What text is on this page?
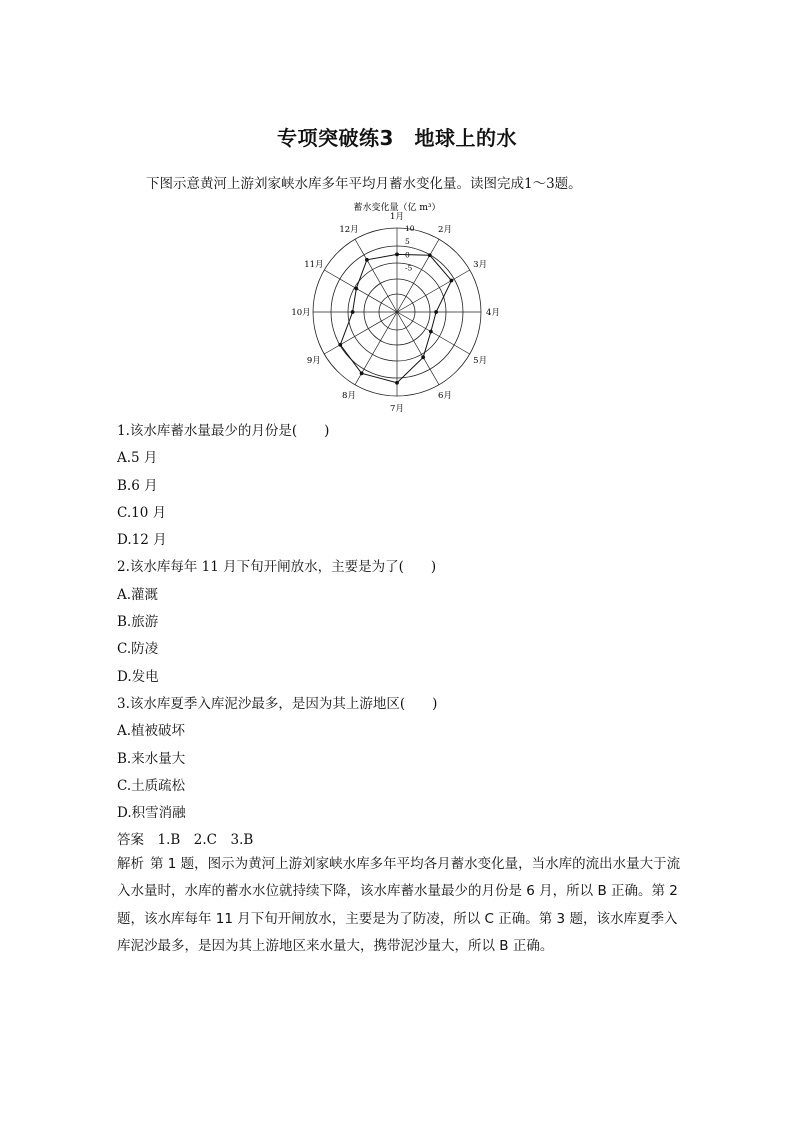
专项突破练3　地球上的水
下图示意黄河上游刘家峡水库多年平均月蓄水变化量。读图完成1～3题。
蓄水变化量（亿 m³）
1月
2月
3月
4月
5月
6月
7月
8月
9月
10月
11月
12月	10
5
0
-5
1.该水库蓄水量最少的月份是(　　)
A.5 月
B.6 月
C.10 月
D.12 月
2.该水库每年 11 月下旬开闸放水，主要是为了(　　)
A.灌溉
B.旅游
C.防凌
D.发电
3.该水库夏季入库泥沙最多，是因为其上游地区(　　)
A.植被破坏
B.来水量大
C.土质疏松
D.积雪消融
答案　1.B　2.C　3.B
解析 第 1 题，图示为黄河上游刘家峡水库多年平均各月蓄水变化量，当水库的流出水量大于流入水量时，水库的蓄水水位就持续下降，该水库蓄水量最少的月份是 6 月，所以 B 正确。第 2 题，该水库每年 11 月下旬开闸放水，主要是为了防凌，所以 C 正确。第 3 题，该水库夏季入库泥沙最多，是因为其上游地区来水量大，携带泥沙量大，所以 B 正确。
